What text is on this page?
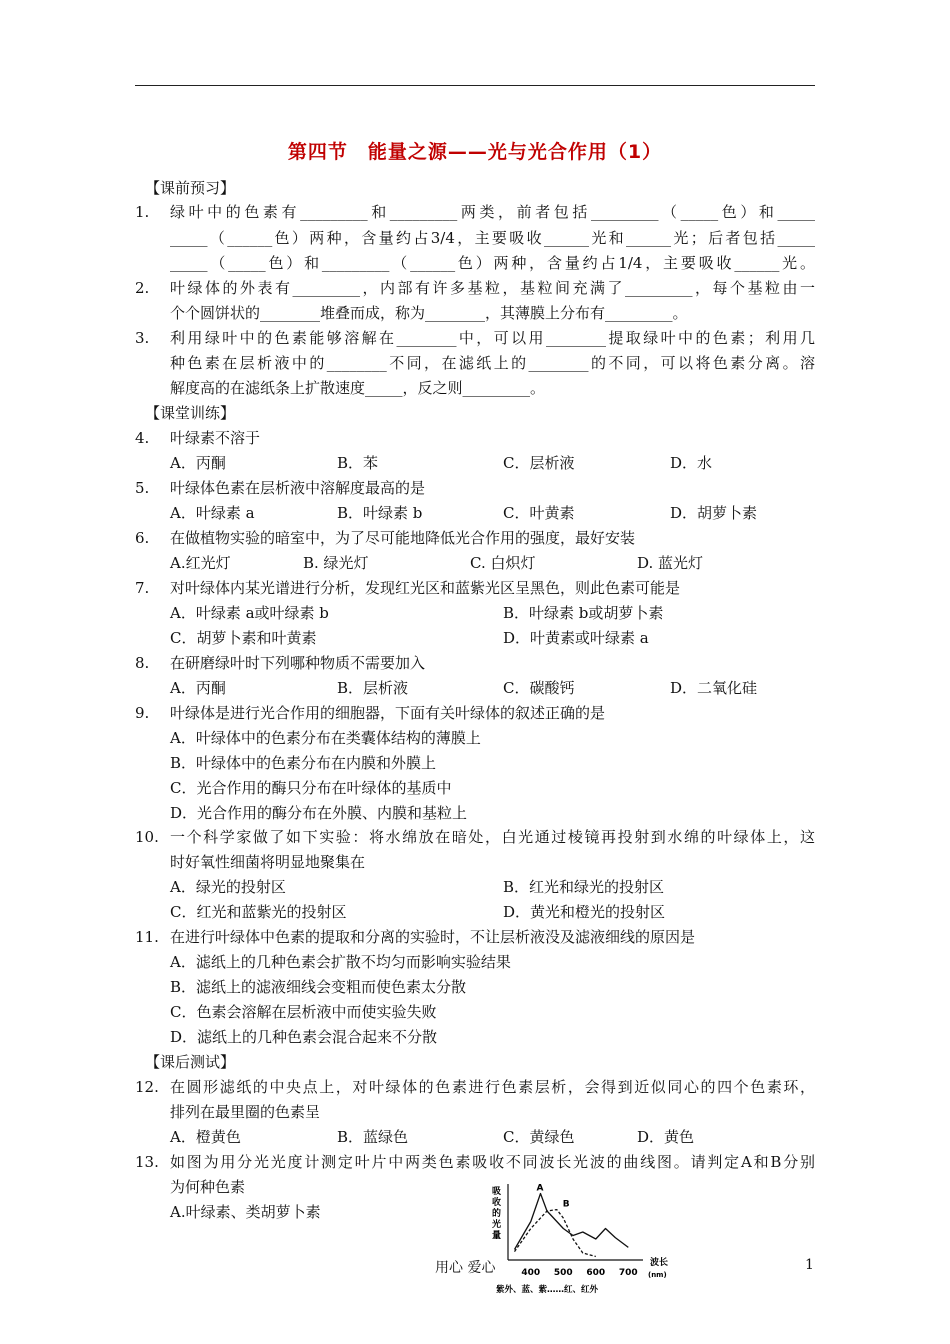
第四节　能量之源——光与光合作用（1）
【课前预习】
【课堂训练】
【课后测试】
1. 绿叶中的色素有_________和_________两类，前者包括_________（_____色）和_____
_____（______色）两种，含量约占3/4，主要吸收______光和______光；后者包括_____
_____（_____色）和_________（______色）两种，含量约占1/4，主要吸收______光。
2. 叶绿体的外表有_________，内部有许多基粒，基粒间充满了_________，每个基粒由一
个个圆饼状的________堆叠而成，称为________，其薄膜上分布有_________。
3. 利用绿叶中的色素能够溶解在________中，可以用________提取绿叶中的色素；利用几
种色素在层析液中的________不同，在滤纸上的________的不同，可以将色素分离。溶
解度高的在滤纸条上扩散速度_____，反之则_________。
4. 叶绿素不溶于
A．丙酮	B．苯	C．层析液	D．水
5. 叶绿体色素在层析液中溶解度最高的是
A．叶绿素 a	B．叶绿素 b	C．叶黄素	D．胡萝卜素
6. 在做植物实验的暗室中，为了尽可能地降低光合作用的强度，最好安装
A.红光灯	B. 绿光灯	C. 白炽灯	D. 蓝光灯
7. 对叶绿体内某光谱进行分析，发现红光区和蓝紫光区呈黑色，则此色素可能是
A．叶绿素 a或叶绿素 b	B．叶绿素 b或胡萝卜素
C．胡萝卜素和叶黄素	D．叶黄素或叶绿素 a
8. 在研磨绿叶时下列哪种物质不需要加入
A．丙酮	B．层析液	C．碳酸钙	D．二氧化硅
9. 叶绿体是进行光合作用的细胞器，下面有关叶绿体的叙述正确的是
A．叶绿体中的色素分布在类囊体结构的薄膜上
B．叶绿体中的色素分布在内膜和外膜上
C．光合作用的酶只分布在叶绿体的基质中
D．光合作用的酶分布在外膜、内膜和基粒上
10. 一个科学家做了如下实验：将水绵放在暗处，白光通过棱镜再投射到水绵的叶绿体上，这
时好氧性细菌将明显地聚集在
A．绿光的投射区	B．红光和绿光的投射区
C．红光和蓝紫光的投射区	D．黄光和橙光的投射区
11. 在进行叶绿体中色素的提取和分离的实验时，不让层析液没及滤液细线的原因是
A．滤纸上的几种色素会扩散不均匀而影响实验结果
B．滤纸上的滤液细线会变粗而使色素太分散
C．色素会溶解在层析液中而使实验失败
D．滤纸上的几种色素会混合起来不分散
12. 在圆形滤纸的中央点上，对叶绿体的色素进行色素层析，会得到近似同心的四个色素环，
排列在最里圈的色素呈
A．橙黄色	B．蓝绿色	C．黄绿色	D．黄色
13. 如图为用分光光度计测定叶片中两类色素吸收不同波长光波的曲线图。请判定A和B分别
为何种色素
A.叶绿素、类胡萝卜素
A
B
吸收的光量
波长
(nm)
400 500 600 700
紫外、蓝、紫……红、红外
用心 爱心	1
